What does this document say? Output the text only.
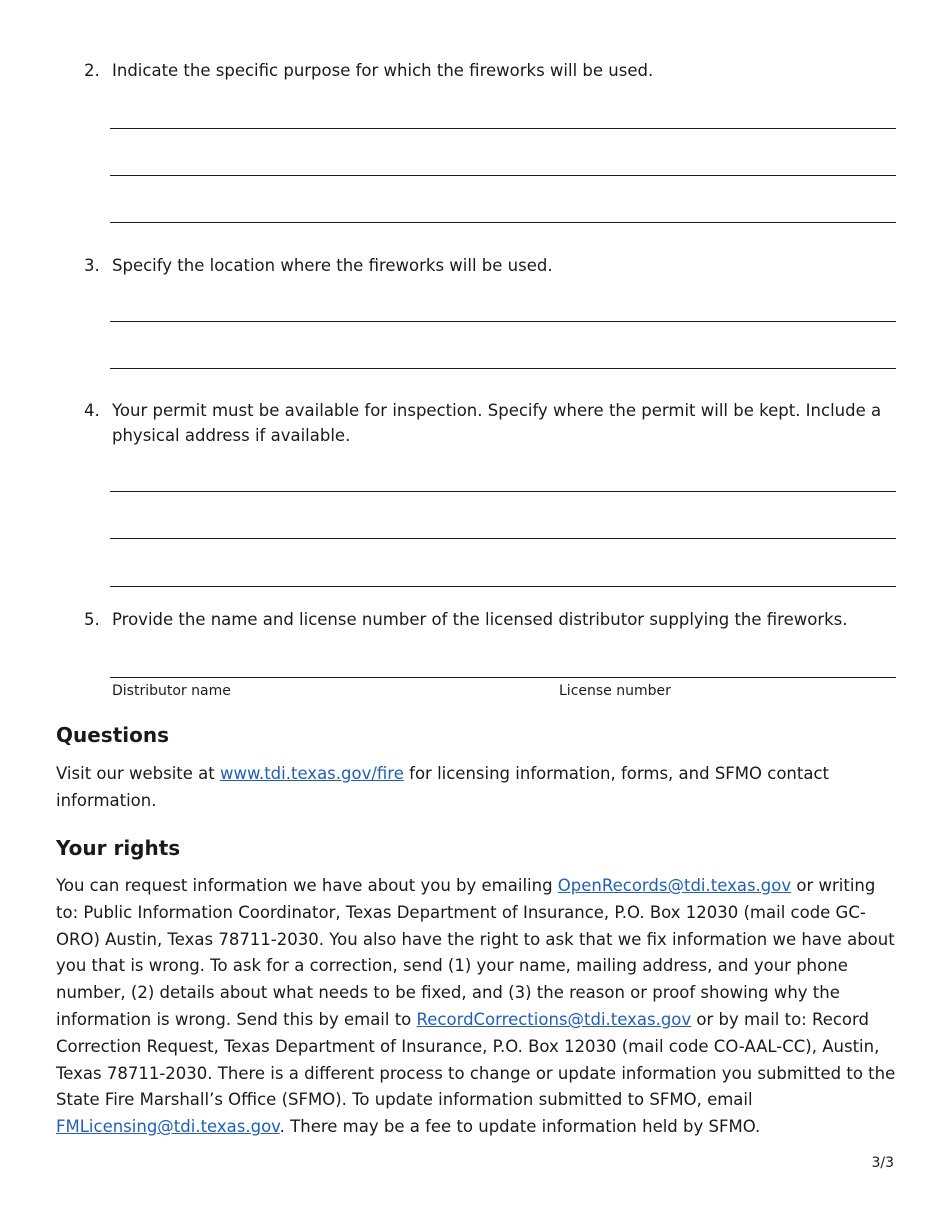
2. Indicate the specific purpose for which the fireworks will be used.
3. Specify the location where the fireworks will be used.
4. Your permit must be available for inspection. Specify where the permit will be kept. Include a physical address if available.
5. Provide the name and license number of the licensed distributor supplying the fireworks.
Distributor name	License number
Questions

Visit our website at www.tdi.texas.gov/fire for licensing information, forms, and SFMO contact information.

Your rights

You can request information we have about you by emailing OpenRecords@tdi.texas.gov or writing to: Public Information Coordinator, Texas Department of Insurance, P.O. Box 12030 (mail code GC-ORO) Austin, Texas 78711-2030. You also have the right to ask that we fix information we have about you that is wrong. To ask for a correction, send (1) your name, mailing address, and your phone number, (2) details about what needs to be fixed, and (3) the reason or proof showing why the information is wrong. Send this by email to RecordCorrections@tdi.texas.gov or by mail to: Record Correction Request, Texas Department of Insurance, P.O. Box 12030 (mail code CO-AAL-CC), Austin, Texas 78711-2030. There is a different process to change or update information you submitted to the State Fire Marshall’s Office (SFMO). To update information submitted to SFMO, email FMLicensing@tdi.texas.gov. There may be a fee to update information held by SFMO.

3/3
